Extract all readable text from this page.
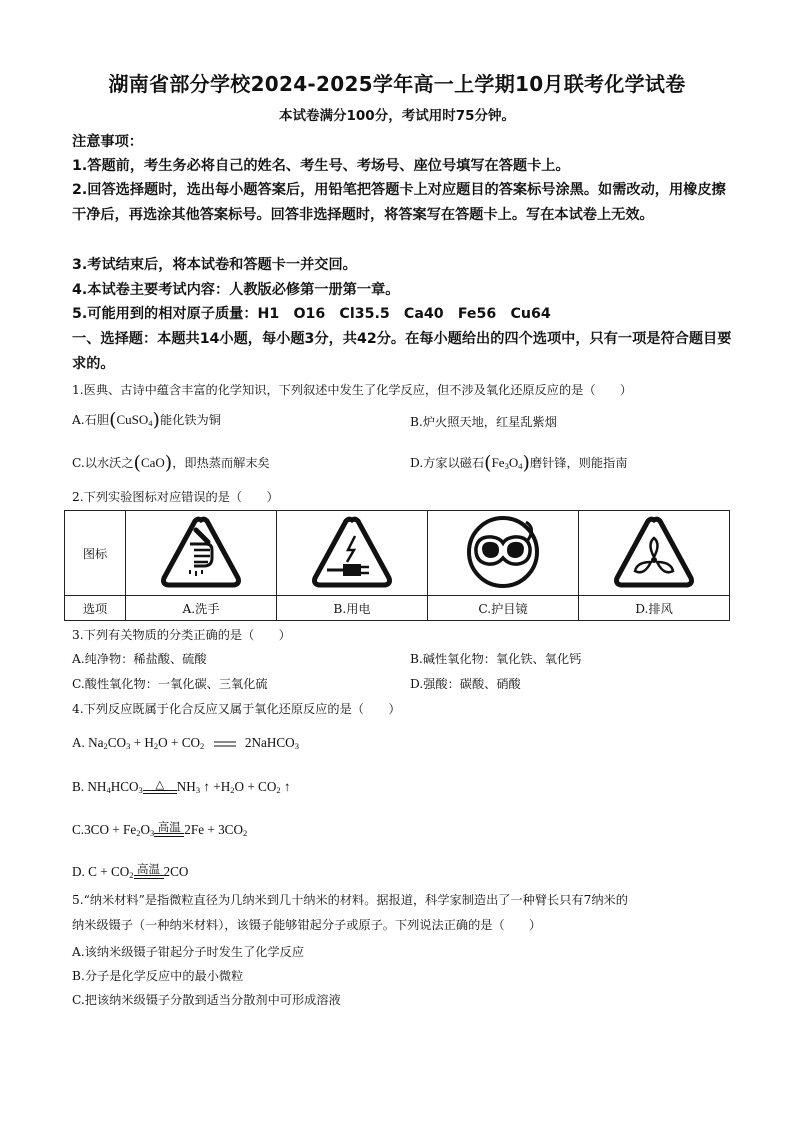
湖南省部分学校2024-2025学年高一上学期10月联考化学试卷
本试卷满分100分，考试用时75分钟。
注意事项：
1.答题前，考生务必将自己的姓名、考生号、考场号、座位号填写在答题卡上。
2.回答选择题时，选出每小题答案后，用铅笔把答题卡上对应题目的答案标号涂黑。如需改动，用橡皮擦干净后，再选涂其他答案标号。回答非选择题时，将答案写在答题卡上。写在本试卷上无效。
3.考试结束后，将本试卷和答题卡一并交回。
4.本试卷主要考试内容：人教版必修第一册第一章。
5.可能用到的相对原子质量：H1　O16　Cl35.5　Ca40　Fe56　Cu64
一、选择题：本题共14小题，每小题3分，共42分。在每小题给出的四个选项中，只有一项是符合题目要求的。
1.医典、古诗中蕴含丰富的化学知识，下列叙述中发生了化学反应，但不涉及氧化还原反应的是（　　）
A.石胆(CuSO$_4$)能化铁为铜	B.炉火照天地，红星乱紫烟
C.以水沃之(CaO)，即热蒸而解末矣	D.方家以磁石$(Fe_3O_4)$磨针锋，则能指南
2.下列实验图标对应错误的是（　　）
图标				
选项	A.洗手	B.用电	C.护目镜	D.排风
3.下列有关物质的分类正确的是（　　）
A.纯净物：稀盐酸、硫酸	B.碱性氧化物：氧化铁、氧化钙
C.酸性氧化物：一氧化碳、三氧化硫	D.强酸：碳酸、硝酸
4.下列反应既属于化合反应又属于氧化还原反应的是（　　）
A. $Na_2CO_3 + H_2O + CO_2$	2NaHCO$_3$
B. $NH_4HCO_3$	△ $NH_3$ ↑ $+H_2O + CO_2$ ↑
$C.3CO + Fe_2O_3$ 高温 $2Fe + 3CO_2$
D. $C + CO_2$ 高温 2CO
5.“纳米材料”是指微粒直径为几纳米到几十纳米的材料。据报道，科学家制造出了一种臂长只有7纳米的
纳米级镊子（一种纳米材料），该镊子能够钳起分子或原子。下列说法正确的是（　　）
A.该纳米级镊子钳起分子时发生了化学反应
B.分子是化学反应中的最小微粒
C.把该纳米级镊子分散到适当分散剂中可形成溶液
